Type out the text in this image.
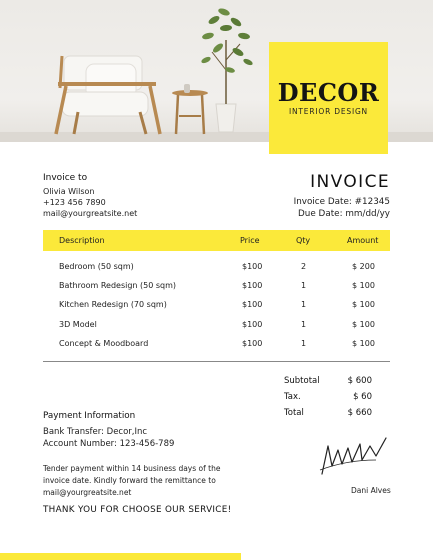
DECOR
INTERIOR DESIGN
Invoice to
Olivia Wilson
+123 456 7890
mail@yourgreatsite.net
INVOICE
Invoice Date: #12345
Due Date: mm/dd/yy
Description	Price	Qty	Amount
Bedroom (50 sqm)	$100	2	$ 200
Bathroom Redesign (50 sqm)	$100	1	$ 100
Kitchen Redesign (70 sqm)	$100	1	$ 100
3D Model	$100	1	$ 100
Concept & Moodboard	$100	1	$ 100
Subtotal	$ 600
Tax.	$ 60
Total	$ 660
Payment Information
Bank Transfer: Decor,Inc
Account Number: 123-456-789
Tender payment within 14 business days of the
invoice date. Kindly forward the remittance to
mail@yourgreatsite.net
THANK YOU FOR CHOOSE OUR SERVICE!
Dani Alves
